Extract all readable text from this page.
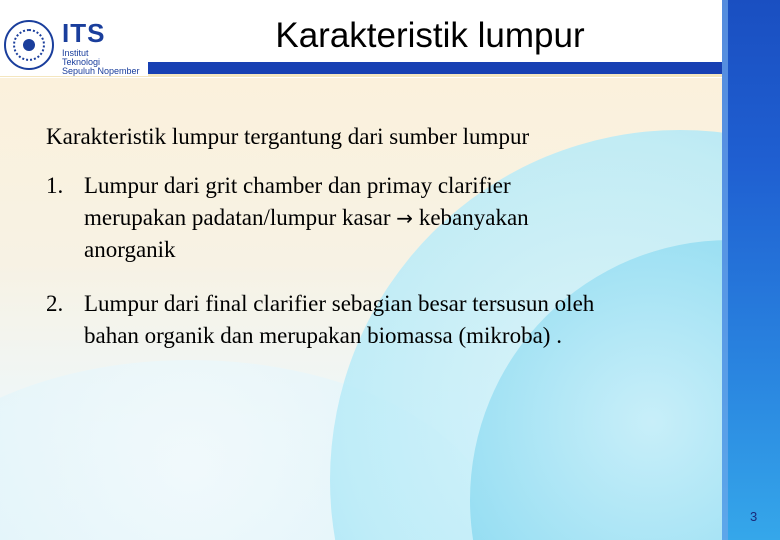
ITS
Institut
Teknologi
Sepuluh Nopember
Karakteristik lumpur
Karakteristik lumpur tergantung dari sumber lumpur
1. Lumpur dari grit chamber dan primay clarifier
merupakan padatan/lumpur kasar → kebanyakan
anorganik
2. Lumpur dari final clarifier sebagian besar tersusun oleh
bahan organik dan merupakan biomassa (mikroba) .
3
